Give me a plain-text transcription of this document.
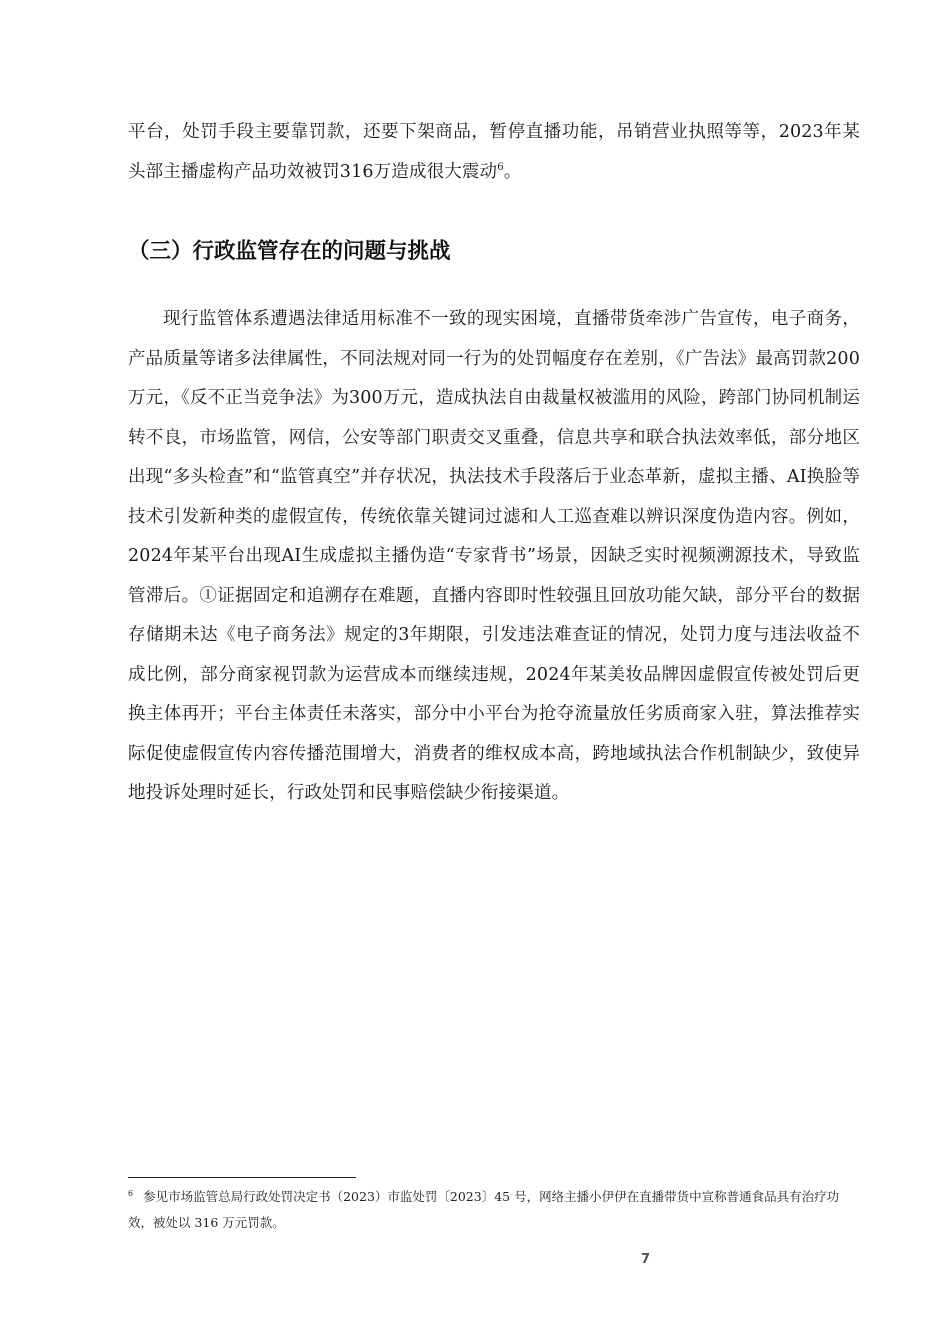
平台，处罚手段主要靠罚款，还要下架商品，暂停直播功能，吊销营业执照等等，2023年某头部主播虚构产品功效被罚316万造成很大震动$^6$。

（三）行政监管存在的问题与挑战

现行监管体系遭遇法律适用标准不一致的现实困境，直播带货牵涉广告宣传，电子商务，产品质量等诸多法律属性，不同法规对同一行为的处罚幅度存在差别，《广告法》最高罚款200万元，《反不正当竞争法》为300万元，造成执法自由裁量权被滥用的风险，跨部门协同机制运转不良，市场监管，网信，公安等部门职责交叉重叠，信息共享和联合执法效率低，部分地区出现“多头检查”和“监管真空”并存状况，执法技术手段落后于业态革新，虚拟主播、AI换脸等技术引发新种类的虚假宣传，传统依靠关键词过滤和人工巡查难以辨识深度伪造内容。例如，2024年某平台出现AI生成虚拟主播伪造“专家背书”场景，因缺乏实时视频溯源技术，导致监管滞后。①证据固定和追溯存在难题，直播内容即时性较强且回放功能欠缺，部分平台的数据存储期未达《电子商务法》规定的3年期限，引发违法难查证的情况，处罚力度与违法收益不成比例，部分商家视罚款为运营成本而继续违规，2024年某美妆品牌因虚假宣传被处罚后更换主体再开；平台主体责任未落实，部分中小平台为抢夺流量放任劣质商家入驻，算法推荐实际促使虚假宣传内容传播范围增大，消费者的维权成本高，跨地域执法合作机制缺少，致使异地投诉处理时延长，行政处罚和民事赔偿缺少衔接渠道。

$^6$ 参见市场监管总局行政处罚决定书（2023）市监处罚〔2023〕45 号，网络主播小伊伊在直播带货中宣称普通食品具有治疗功效，被处以 316 万元罚款。

7
